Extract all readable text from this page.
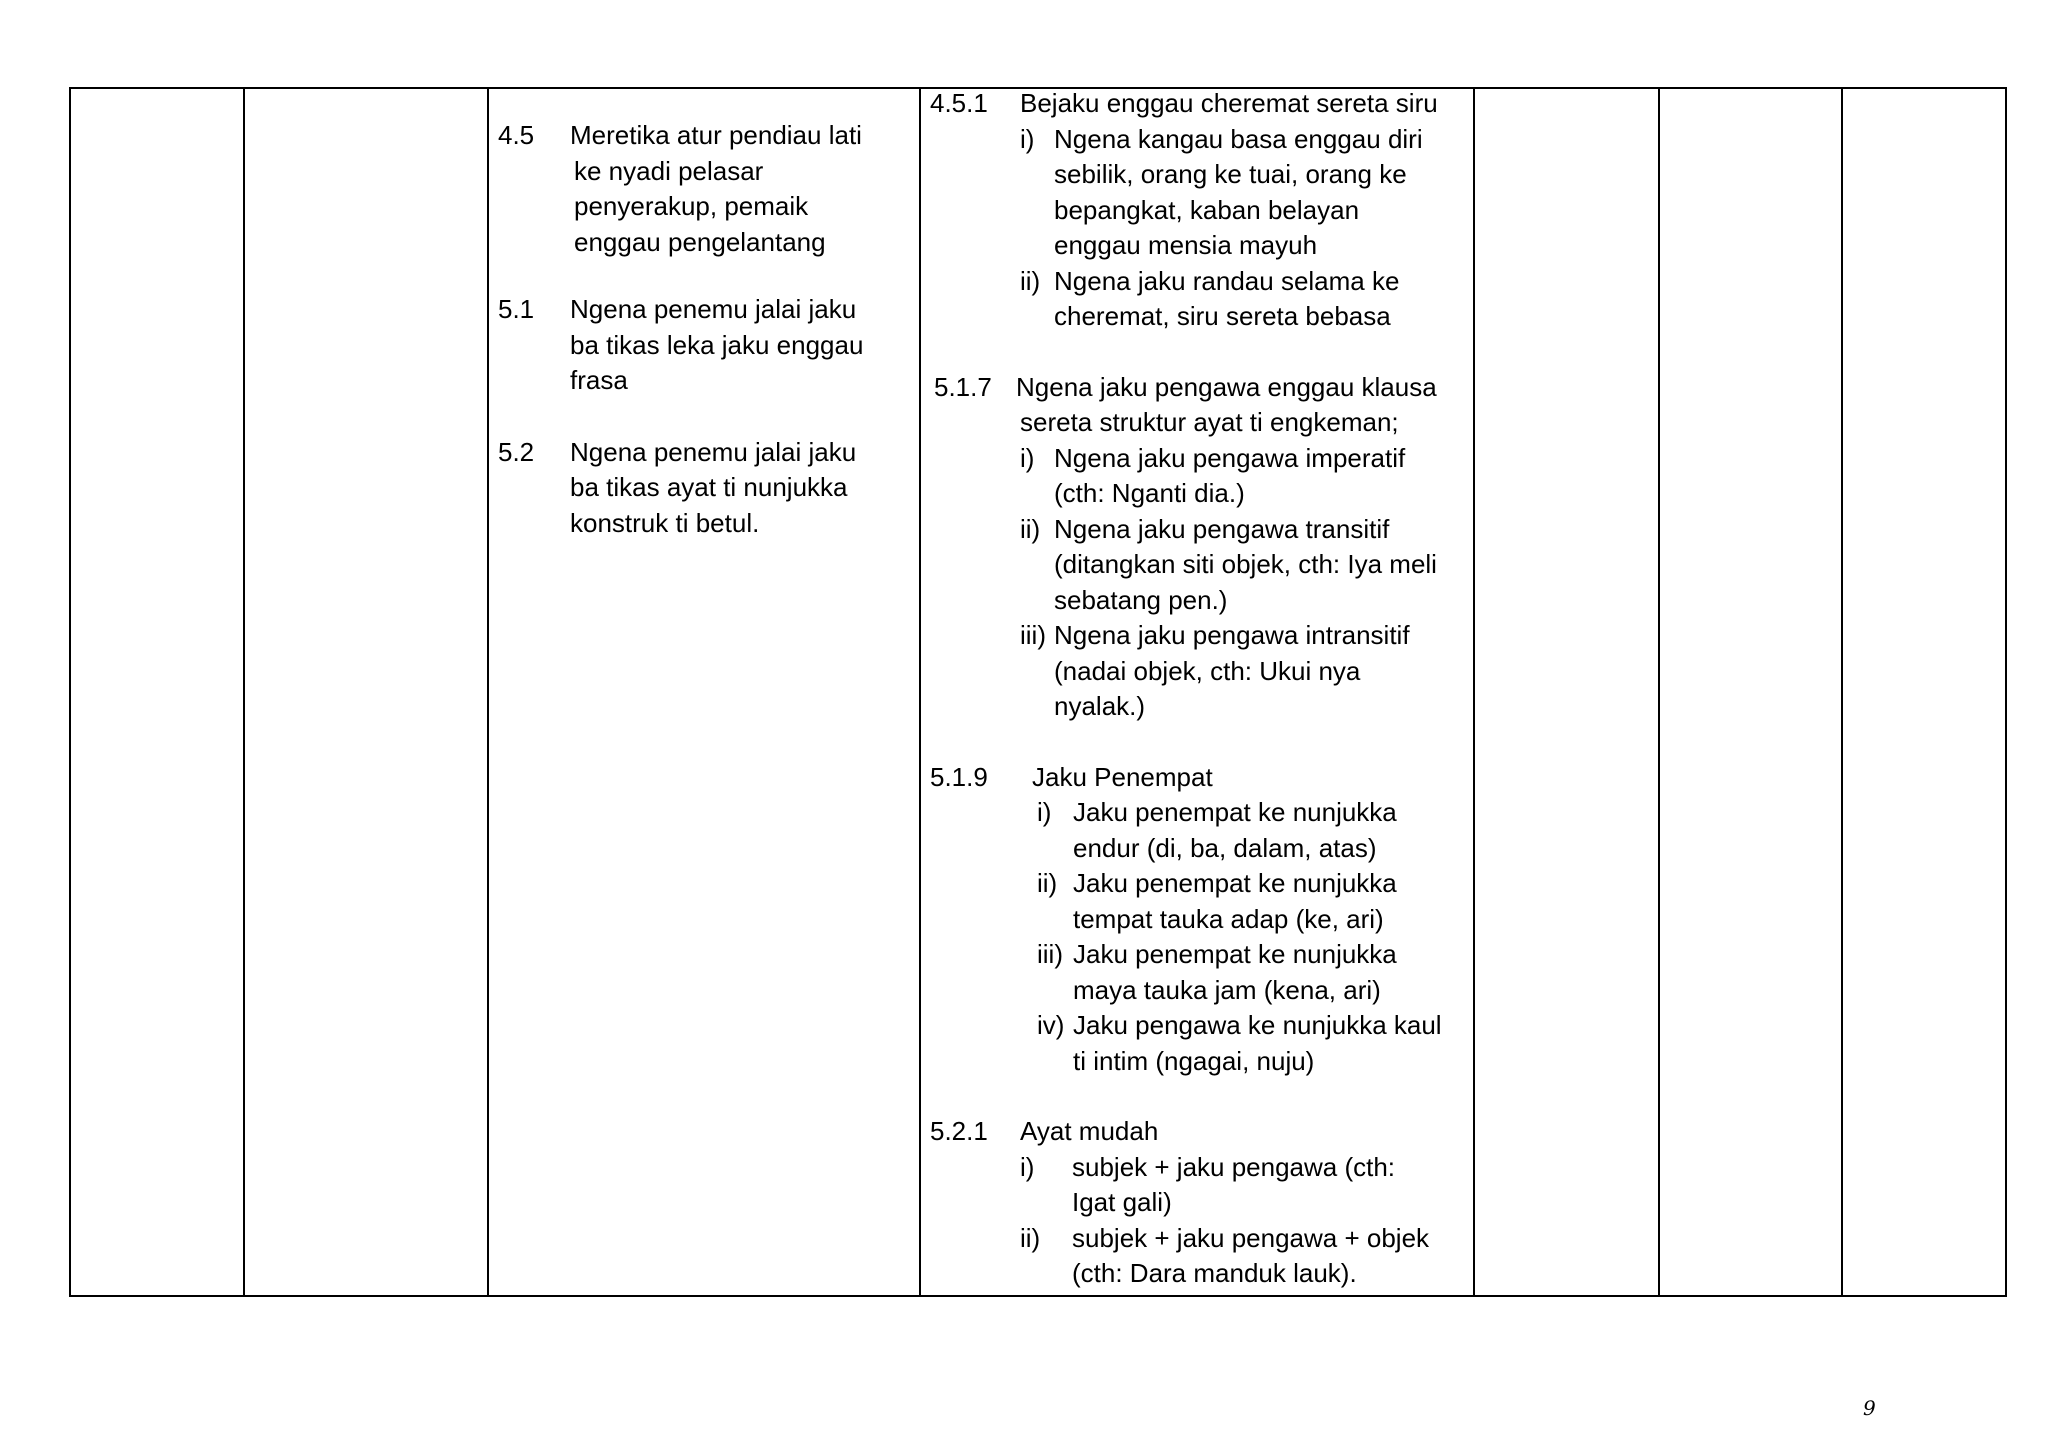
4.5	Meretika atur pendiau lati
ke nyadi pelasar
penyerakup, pemaik
enggau pengelantang
5.1	Ngena penemu jalai jaku
ba tikas leka jaku enggau
frasa
5.2	Ngena penemu jalai jaku
ba tikas ayat ti nunjukka
konstruk ti betul.
4.5.1	Bejaku enggau cheremat sereta siru
i) Ngena kangau basa enggau diri
sebilik, orang ke tuai, orang ke
bepangkat, kaban belayan
enggau mensia mayuh
ii) Ngena jaku randau selama ke
cheremat, siru sereta bebasa
5.1.7 Ngena jaku pengawa enggau klausa
sereta struktur ayat ti engkeman;
i) Ngena jaku pengawa imperatif
(cth: Nganti dia.)
ii) Ngena jaku pengawa transitif
(ditangkan siti objek, cth: Iya meli
sebatang pen.)
iii) Ngena jaku pengawa intransitif
(nadai objek, cth: Ukui nya
nyalak.)
5.1.9	Jaku Penempat
i) Jaku penempat ke nunjukka
endur (di, ba, dalam, atas)
ii) Jaku penempat ke nunjukka
tempat tauka adap (ke, ari)
iii) Jaku penempat ke nunjukka
maya tauka jam (kena, ari)
iv) Jaku pengawa ke nunjukka kaul
ti intim (ngagai, nuju)
5.2.1	Ayat mudah
i)	subjek + jaku pengawa (cth:
Igat gali)
ii)	subjek + jaku pengawa + objek
(cth: Dara manduk lauk).
9
